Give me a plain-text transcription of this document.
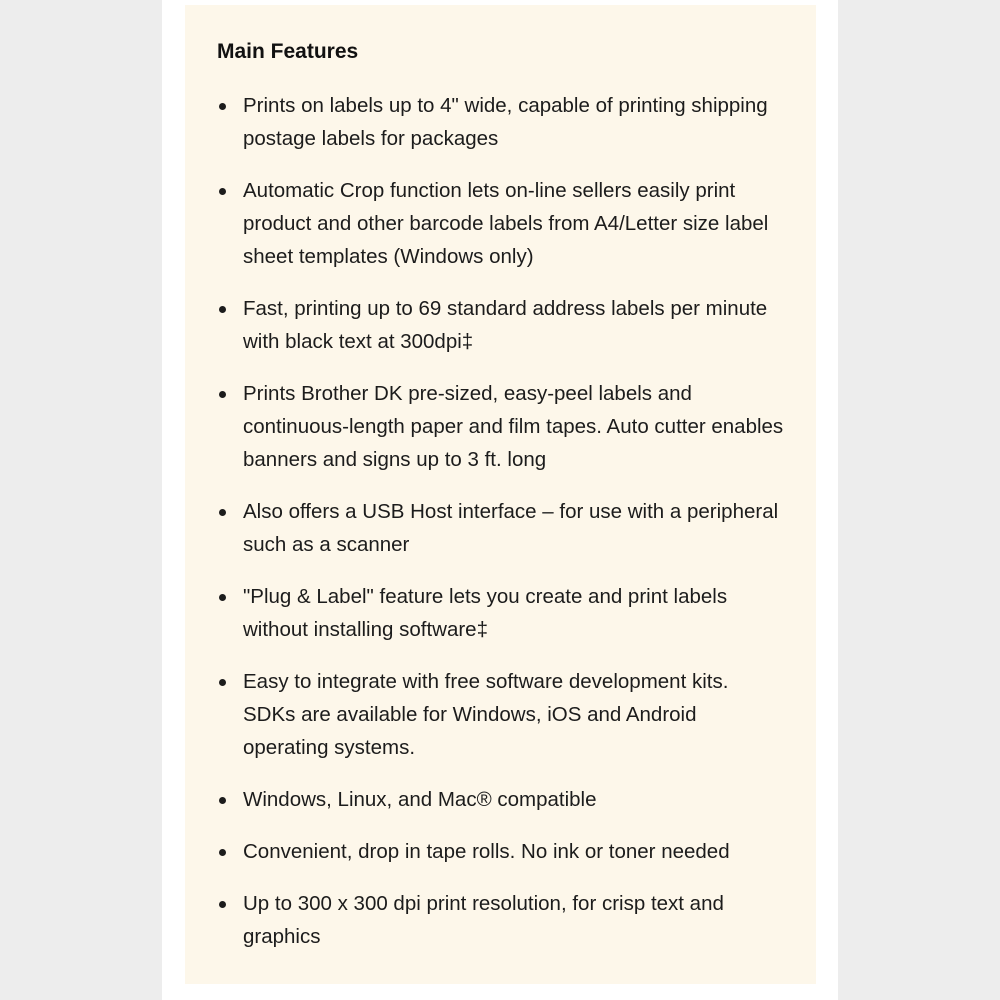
Main Features
Prints on labels up to 4" wide, capable of printing shipping postage labels for packages
Automatic Crop function lets on-line sellers easily print product and other barcode labels from A4/Letter size label sheet templates (Windows only)
Fast, printing up to 69 standard address labels per minute with black text at 300dpi‡
Prints Brother DK pre-sized, easy-peel labels and continuous-length paper and film tapes. Auto cutter enables banners and signs up to 3 ft. long
Also offers a USB Host interface – for use with a peripheral such as a scanner
"Plug & Label" feature lets you create and print labels without installing software‡
Easy to integrate with free software development kits. SDKs are available for Windows, iOS and Android operating systems.
Windows, Linux, and Mac® compatible
Convenient, drop in tape rolls. No ink or toner needed
Up to 300 x 300 dpi print resolution, for crisp text and graphics
